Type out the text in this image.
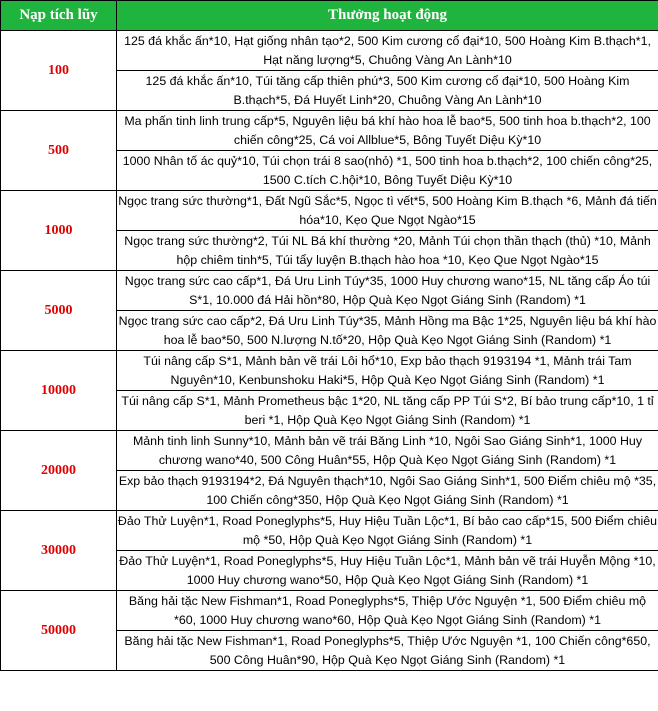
Nạp tích lũy	Thưởng hoạt động
100	125 đá khắc ấn*10, Hạt giống nhân tạo*2, 500 Kim cương cổ đại*10, 500 Hoàng Kim B.thạch*1, Hạt năng lượng*5, Chuông Vàng An Lành*10
	125 đá khắc ấn*10, Túi tăng cấp thiên phú*3, 500 Kim cương cổ đại*10, 500 Hoàng Kim B.thạch*5, Đá Huyết Linh*20, Chuông Vàng An Lành*10
500	Ma phấn tinh linh trung cấp*5, Nguyên liệu bá khí hào hoa lễ bao*5, 500 tinh hoa b.thạch*2, 100 chiến công*25, Cá voi Allblue*5, Bông Tuyết Diệu Kỳ*10
	1000 Nhân tố ác quỷ*10, Túi chọn trái 8 sao(nhỏ) *1, 500 tinh hoa b.thạch*2, 100 chiến công*25, 1500 C.tích C.hội*10, Bông Tuyết Diệu Kỳ*10
1000	Ngọc trang sức thường*1, Đất Ngũ Sắc*5, Ngọc tì vết*5, 500 Hoàng Kim B.thạch *6, Mảnh đá tiến hóa*10, Kẹo Que Ngọt Ngào*15
	Ngọc trang sức thường*2, Túi NL Bá khí thường *20, Mảnh Túi chọn thần thạch (thủ) *10, Mảnh hộp chiêm tinh*5, Túi tẩy luyện B.thạch hào hoa *10, Kẹo Que Ngọt Ngào*15
5000	Ngọc trang sức cao cấp*1, Đá Uru Linh Túy*35, 1000 Huy chương wano*15, NL tăng cấp Áo túi S*1, 10.000 đá Hải hồn*80, Hộp Quà Kẹo Ngọt Giáng Sinh (Random) *1
	Ngọc trang sức cao cấp*2, Đá Uru Linh Túy*35, Mảnh Hồng ma Bậc 1*25, Nguyên liệu bá khí hào hoa lễ bao*50, 500 N.lượng N.tố*20, Hộp Quà Kẹo Ngọt Giáng Sinh (Random) *1
10000	Túi nâng cấp S*1, Mảnh bản vẽ trái Lôi hổ*10, Exp bảo thạch 9193194 *1, Mảnh trái Tam Nguyên*10, Kenbunshoku Haki*5, Hộp Quà Kẹo Ngọt Giáng Sinh (Random) *1
	Túi nâng cấp S*1, Mảnh Prometheus bậc 1*20, NL tăng cấp PP Túi S*2, Bí bảo trung cấp*10, 1 tỉ beri *1, Hộp Quà Kẹo Ngọt Giáng Sinh (Random) *1
20000	Mảnh tinh linh Sunny*10, Mảnh bản vẽ trái Băng Linh *10, Ngôi Sao Giáng Sinh*1, 1000 Huy chương wano*40, 500 Công Huân*55, Hộp Quà Kẹo Ngọt Giáng Sinh (Random) *1
	Exp bảo thạch 9193194*2, Đá Nguyên thạch*10, Ngôi Sao Giáng Sinh*1, 500 Điểm chiêu mộ *35, 100 Chiến công*350, Hộp Quà Kẹo Ngọt Giáng Sinh (Random) *1
30000	Đảo Thử Luyện*1, Road Poneglyphs*5, Huy Hiệu Tuần Lộc*1, Bí bảo cao cấp*15, 500 Điểm chiêu mộ *50, Hộp Quà Kẹo Ngọt Giáng Sinh (Random) *1
	Đảo Thử Luyện*1, Road Poneglyphs*5, Huy Hiệu Tuần Lộc*1, Mảnh bản vẽ trái Huyễn Mộng *10, 1000 Huy chương wano*50, Hộp Quà Kẹo Ngọt Giáng Sinh (Random) *1
50000	Băng hải tặc New Fishman*1, Road Poneglyphs*5, Thiệp Ước Nguyện *1, 500 Điểm chiêu mộ *60, 1000 Huy chương wano*60, Hộp Quà Kẹo Ngọt Giáng Sinh (Random) *1
	Băng hải tặc New Fishman*1, Road Poneglyphs*5, Thiệp Ước Nguyện *1, 100 Chiến công*650, 500 Công Huân*90, Hộp Quà Kẹo Ngọt Giáng Sinh (Random) *1
